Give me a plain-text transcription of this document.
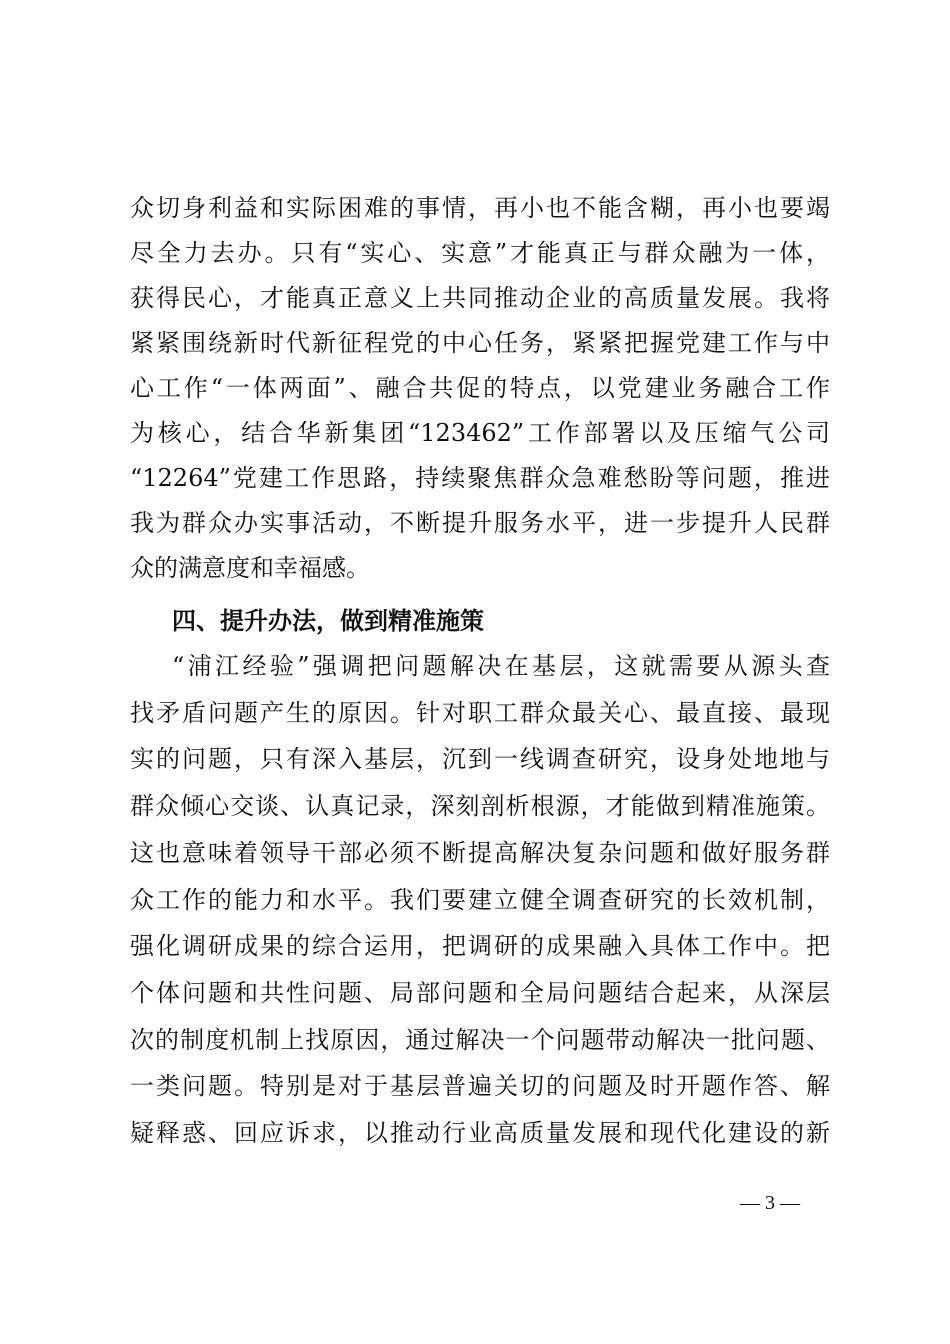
众切身利益和实际困难的事情，再小也不能含糊，再小也要竭
尽全力去办。只有“实心、实意”才能真正与群众融为一体，
获得民心，才能真正意义上共同推动企业的高质量发展。我将
紧紧围绕新时代新征程党的中心任务，紧紧把握党建工作与中
心工作“一体两面”、融合共促的特点，以党建业务融合工作
为核心，结合华新集团“123462”工作部署以及压缩气公司
“12264”党建工作思路，持续聚焦群众急难愁盼等问题，推进
我为群众办实事活动，不断提升服务水平，进一步提升人民群
众的满意度和幸福感。
四、提升办法，做到精准施策
“浦江经验”强调把问题解决在基层，这就需要从源头查
找矛盾问题产生的原因。针对职工群众最关心、最直接、最现
实的问题，只有深入基层，沉到一线调查研究，设身处地地与
群众倾心交谈、认真记录，深刻剖析根源，才能做到精准施策。
这也意味着领导干部必须不断提高解决复杂问题和做好服务群
众工作的能力和水平。我们要建立健全调查研究的长效机制，
强化调研成果的综合运用，把调研的成果融入具体工作中。把
个体问题和共性问题、局部问题和全局问题结合起来，从深层
次的制度机制上找原因，通过解决一个问题带动解决一批问题、
一类问题。特别是对于基层普遍关切的问题及时开题作答、解
疑释惑、回应诉求，以推动行业高质量发展和现代化建设的新
— 3 —
